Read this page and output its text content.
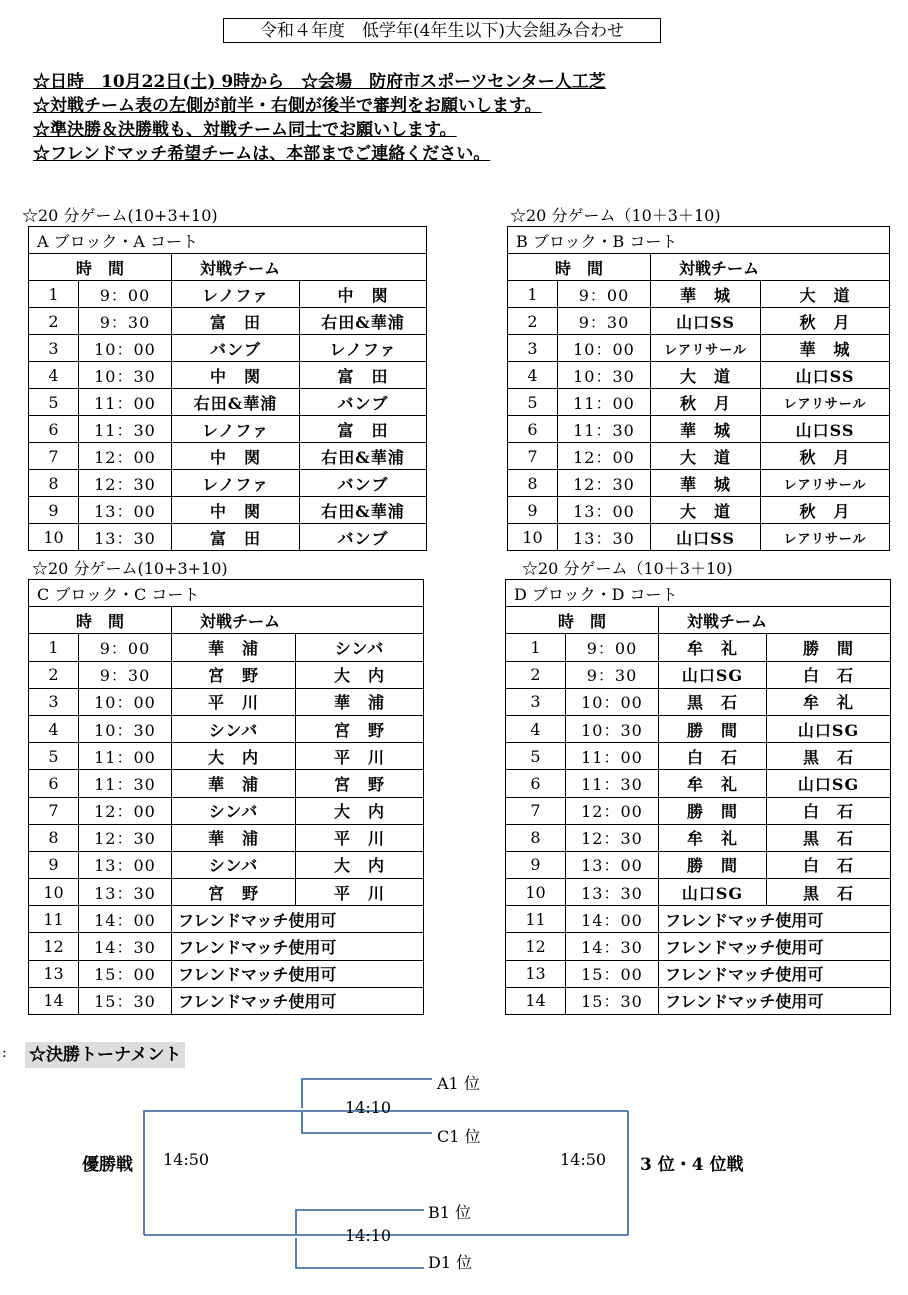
令和４年度　低学年(4年生以下)大会組み合わせ
☆日時　10月22日(土) 9時から　☆会場　防府市スポーツセンター人工芝
☆対戦チーム表の左側が前半・右側が後半で審判をお願いします。
☆準決勝＆決勝戦も、対戦チーム同士でお願いします。
☆フレンドマッチ希望チームは、本部までご連絡ください。
☆20 分ゲーム(10+3+10)	☆20 分ゲーム（10＋3＋10)
☆20 分ゲーム(10+3+10)	☆20 分ゲーム（10＋3＋10)
A ブロック・A コート			
時　間		対戦チーム	
1	9：00	レノファ	中　関
2	9：30	富　田	右田&華浦
3	10：00	バンブ	レノファ
4	10：30	中　関	富　田
5	11：00	右田&華浦	バンブ
6	11：30	レノファ	富　田
7	12：00	中　関	右田&華浦
8	12：30	レノファ	バンブ
9	13：00	中　関	右田&華浦
10	13：30	富　田	バンブ
B ブロック・B コート			
時　間		対戦チーム	
1	9：00	華　城	大　道
2	9：30	山口SS	秋　月
3	10：00	レアリサール	華　城
4	10：30	大　道	山口SS
5	11：00	秋　月	レアリサール
6	11：30	華　城	山口SS
7	12：00	大　道	秋　月
8	12：30	華　城	レアリサール
9	13：00	大　道	秋　月
10	13：30	山口SS	レアリサール
C ブロック・C コート			
時　間		対戦チーム	
1	9：00	華　浦	シンバ
2	9：30	宮　野	大　内
3	10：00	平　川	華　浦
4	10：30	シンバ	宮　野
5	11：00	大　内	平　川
6	11：30	華　浦	宮　野
7	12：00	シンバ	大　内
8	12：30	華　浦	平　川
9	13：00	シンバ	大　内
10	13：30	宮　野	平　川
11	14：00	フレンドマッチ使用可	
12	14：30	フレンドマッチ使用可	
13	15：00	フレンドマッチ使用可	
14	15：30	フレンドマッチ使用可	
D ブロック・D コート			
時　間		対戦チーム	
1	9：00	牟　礼	勝　間
2	9：30	山口SG	白　石
3	10：00	黒　石	牟　礼
4	10：30	勝　間	山口SG
5	11：00	白　石	黒　石
6	11：30	牟　礼	山口SG
7	12：00	勝　間	白　石
8	12：30	牟　礼	黒　石
9	13：00	勝　間	白　石
10	13：30	山口SG	黒　石
11	14：00	フレンドマッチ使用可	
12	14：30	フレンドマッチ使用可	
13	15：00	フレンドマッチ使用可	
14	15：30	フレンドマッチ使用可	
: ☆決勝トーナメント
A1 位
C1 位
14:10
優勝戦 14:50	14:50 3 位・4 位戦
B1 位
14:10
D1 位
